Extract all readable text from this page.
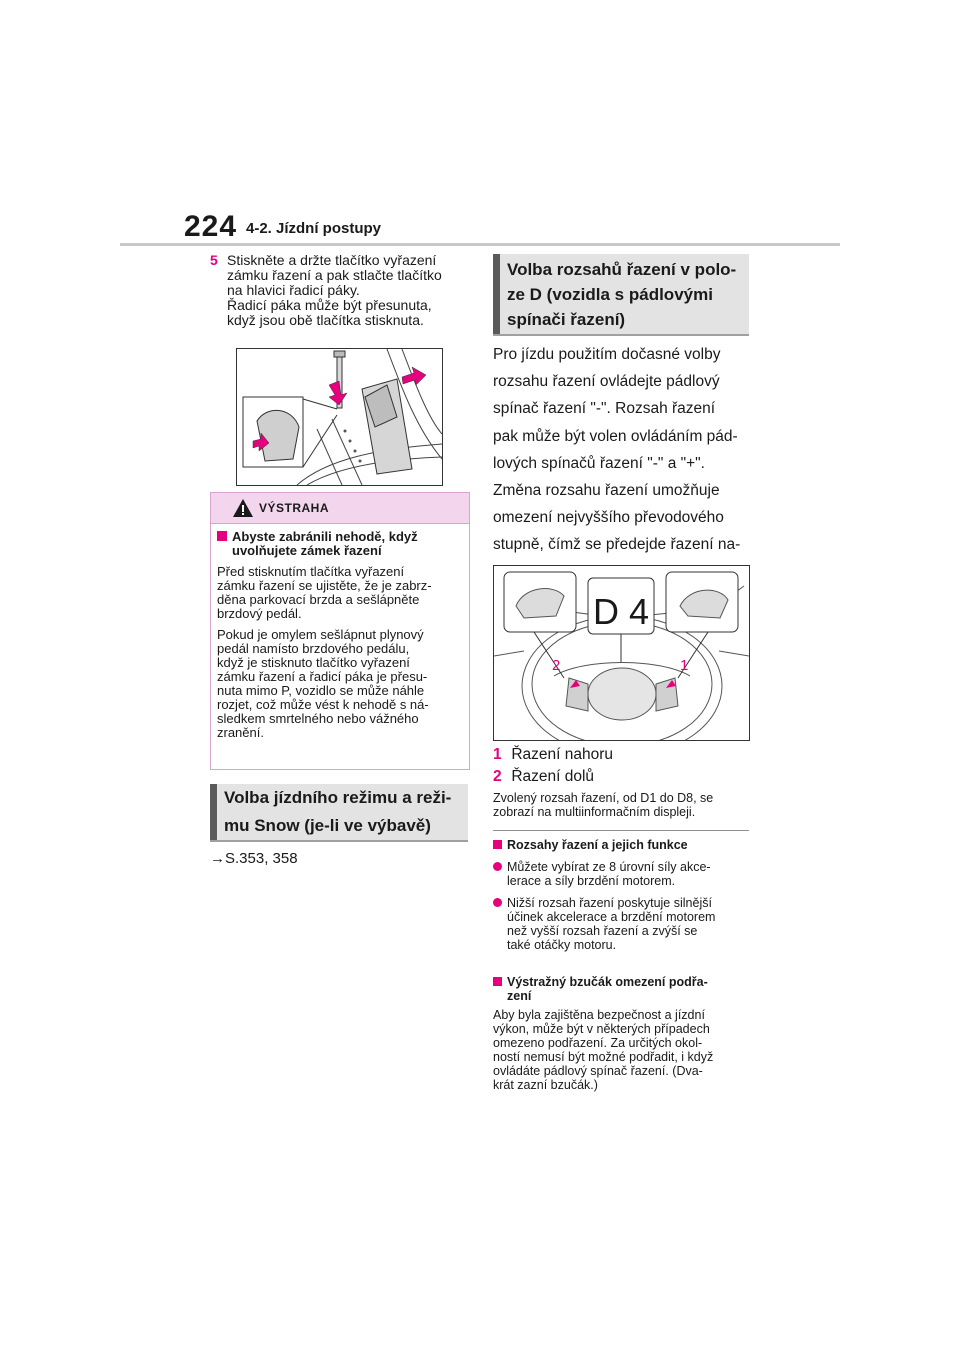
224 4-2. Jízdní postupy
5 Stiskněte a držte tlačítko vyřazení
zámku řazení a pak stlačte tlačítko
na hlavici řadicí páky.
Řadicí páka může být přesunuta,
když jsou obě tlačítka stisknuta.
VÝSTRAHA
Abyste zabránili nehodě, když
uvolňujete zámek řazení
Před stisknutím tlačítka vyřazení
zámku řazení se ujistěte, že je zabrz-
děna parkovací brzda a sešlápněte
brzdový pedál.
Pokud je omylem sešlápnut plynový
pedál namísto brzdového pedálu,
když je stisknuto tlačítko vyřazení
zámku řazení a řadicí páka je přesu-
nuta mimo P, vozidlo se může náhle
rozjet, což může vést k nehodě s ná-
sledkem smrtelného nebo vážného
zranění.
Volba jízdního režimu a reži-
mu Snow (je-li ve výbavě)
→S.353, 358
Volba rozsahů řazení v polo-
ze D (vozidla s pádlovými
spínači řazení)
Pro jízdu použitím dočasné volby
rozsahu řazení ovládejte pádlový
spínač řazení "-". Rozsah řazení
pak může být volen ovládáním pád-
lových spínačů řazení "-" a "+".
Změna rozsahu řazení umožňuje
omezení nejvyššího převodového
stupně, čímž se předejde řazení na-
D 4
2	1
1 Řazení nahoru
2 Řazení dolů
Zvolený rozsah řazení, od D1 do D8, se
zobrazí na multiinformačním displeji.
Rozsahy řazení a jejich funkce
Můžete vybírat ze 8 úrovní síly akce-
lerace a síly brzdění motorem.
Nižší rozsah řazení poskytuje silnější
účinek akcelerace a brzdění motorem
než vyšší rozsah řazení a zvýší se
také otáčky motoru.
Výstražný bzučák omezení podřa-
zení
Aby byla zajištěna bezpečnost a jízdní
výkon, může být v některých případech
omezeno podřazení. Za určitých okol-
ností nemusí být možné podřadit, i když
ovládáte pádlový spínač řazení. (Dva-
krát zazní bzučák.)
